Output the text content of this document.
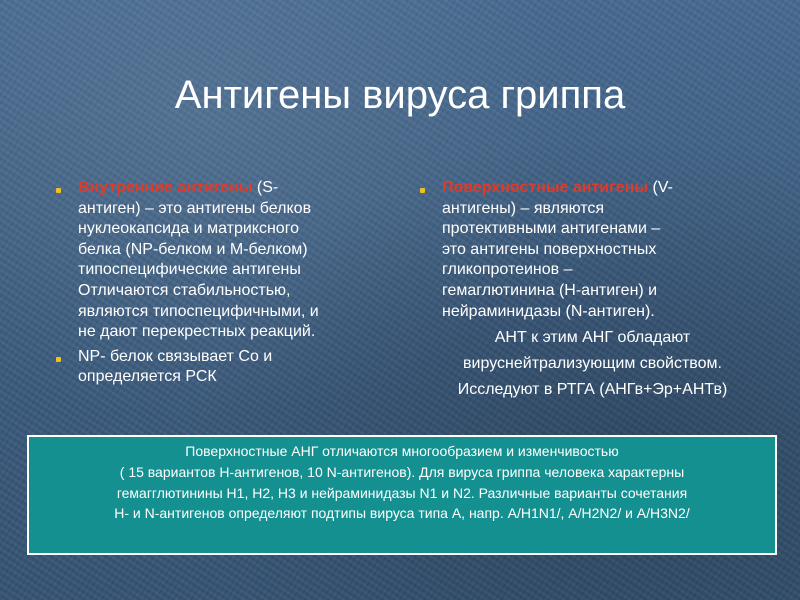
Антигены вируса гриппа
Внутренние антигены (S-
антиген) – это антигены белков
нуклеокапсида и матриксного
белка (NP-белком и М-белком)
типоспецифические антигены
Отличаются стабильностью,
являются типоспецифичными, и
не дают перекрестных реакций.
NP- белок связывает Со и
определяется РСК
Поверхностные антигены (V-
антигены) – являются
протективными антигенами –
это антигены поверхностных
гликопротеинов –
гемаглютинина (Н-антиген) и
нейраминидазы (N-антиген).

АНТ к этим АНГ обладают

вируснейтрализующим свойством.

Исследуют в РТГА (АНГв+Эр+АНТв)

Поверхностные АНГ отличаются многообразием и изменчивостью

( 15 вариантов Н-антигенов, 10 N-антигенов). Для вируса гриппа человека характерны

гемагглютинины Н1, Н2, Н3 и нейраминидазы N1 и N2. Различные варианты сочетания

Н- и N-антигенов определяют подтипы вируса типа А, напр. А/Н1N1/, А/Н2N2/ и А/Н3N2/
